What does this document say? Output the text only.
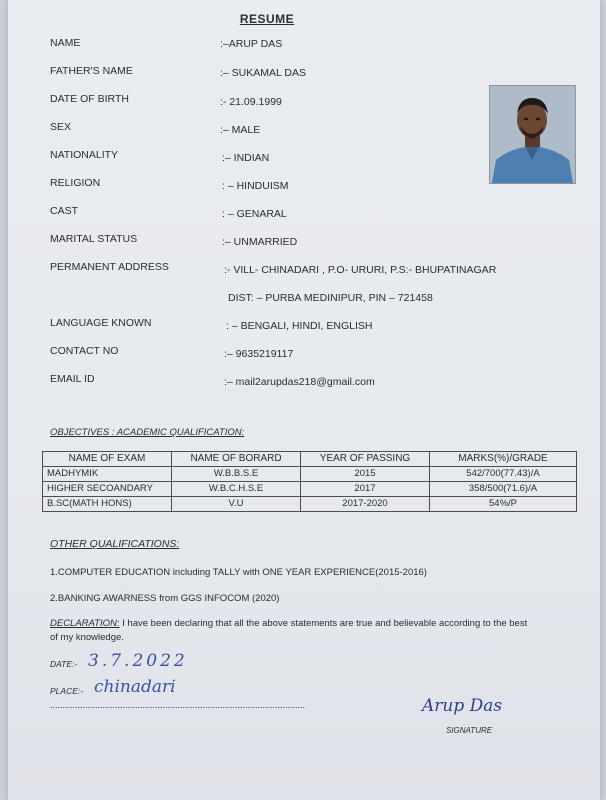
RESUME
NAME	:–ARUP DAS
FATHER'S NAME	:– SUKAMAL DAS
DATE OF BIRTH	:- 21.09.1999
SEX	:– MALE
NATIONALITY	:– INDIAN
RELIGION	: – HINDUISM
CAST	: – GENARAL
MARITAL STATUS	:– UNMARRIED
PERMANENT ADDRESS	:- VILL- CHINADARI , P.O- URURI, P.S:- BHUPATINAGAR
DIST: – PURBA MEDINIPUR, PIN – 721458
LANGUAGE KNOWN	: – BENGALI, HINDI, ENGLISH
CONTACT NO	:– 9635219117
EMAIL ID	:– mail2arupdas218@gmail.com
OBJECTIVES : ACADEMIC QUALIFICATION:
NAME OF EXAM	NAME OF BORARD	YEAR OF PASSING	MARKS(%)/GRADE
MADHYMIK	W.B.B.S.E	2015	542/700(77.43)/A
HIGHER SECOANDARY	W.B.C.H.S.E	2017	358/500(71.6)/A
B.SC(MATH HONS)	V.U	2017-2020	54%/P
OTHER QUALIFICATIONS:
1.COMPUTER EDUCATION including TALLY with ONE YEAR EXPERIENCE(2015-2016)
2.BANKING AWARNESS from GGS INFOCOM (2020)
DECLARATION: I have been declaring that all the above statements are true and believable according to the best
of my knowledge.
DATE:- 3.7.2022
PLACE:- chinadari
......................................................................................................	Arup Das
SIGNATURE
